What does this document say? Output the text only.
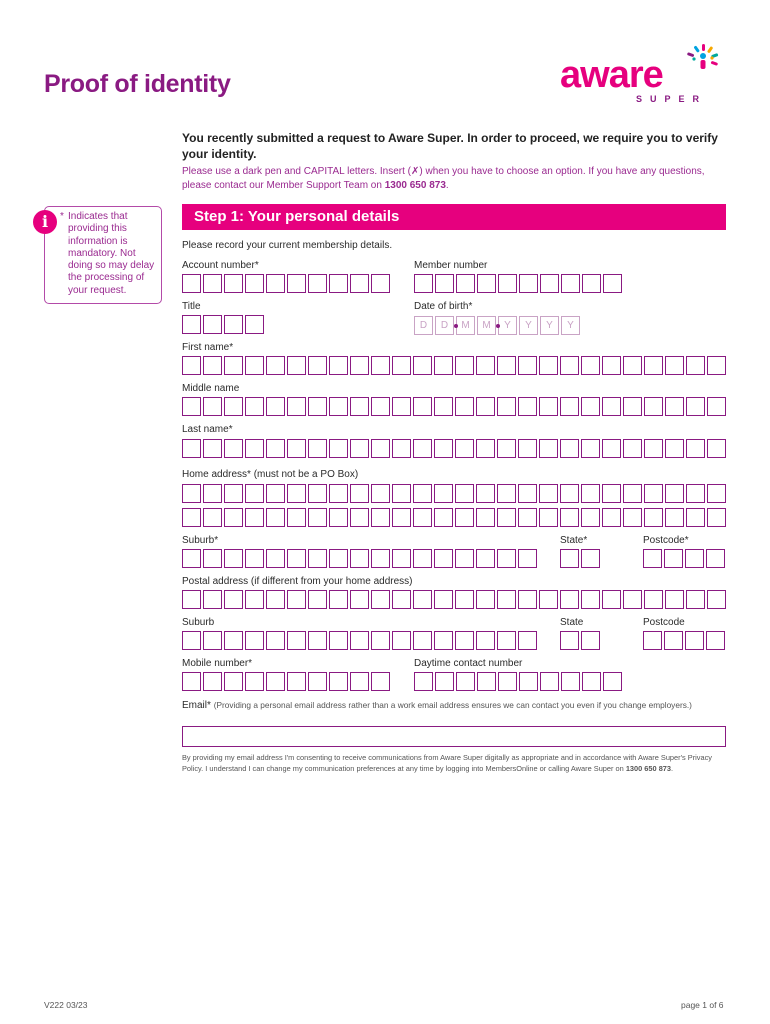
Proof of identity	aware
SUPER
You recently submitted a request to Aware Super. In order to proceed, we require you to verify your identity.
Please use a dark pen and CAPITAL letters. Insert (✗) when you have to choose an option. If you have any questions, please contact our Member Support Team on 1300 650 873.
i	* Indicates that providing this information is mandatory. Not doing so may delay the processing of your request.
Step 1: Your personal details
Please record your current membership details.
Account number*	Member number
Title	Date of birth*
D	D	M	M	Y	Y	Y	Y
First name*
Middle name
Last name*
Home address* (must not be a PO Box)
Suburb*	State*	Postcode*
Postal address (if different from your home address)
Suburb	State	Postcode
Mobile number*	Daytime contact number
Email* (Providing a personal email address rather than a work email address ensures we can contact you even if you change employers.)
By providing my email address I'm consenting to receive communications from Aware Super digitally as appropriate and in accordance with Aware Super's Privacy Policy. I understand I can change my communication preferences at any time by logging into MembersOnline or calling Aware Super on 1300 650 873.
V222 03/23	page 1 of 6
